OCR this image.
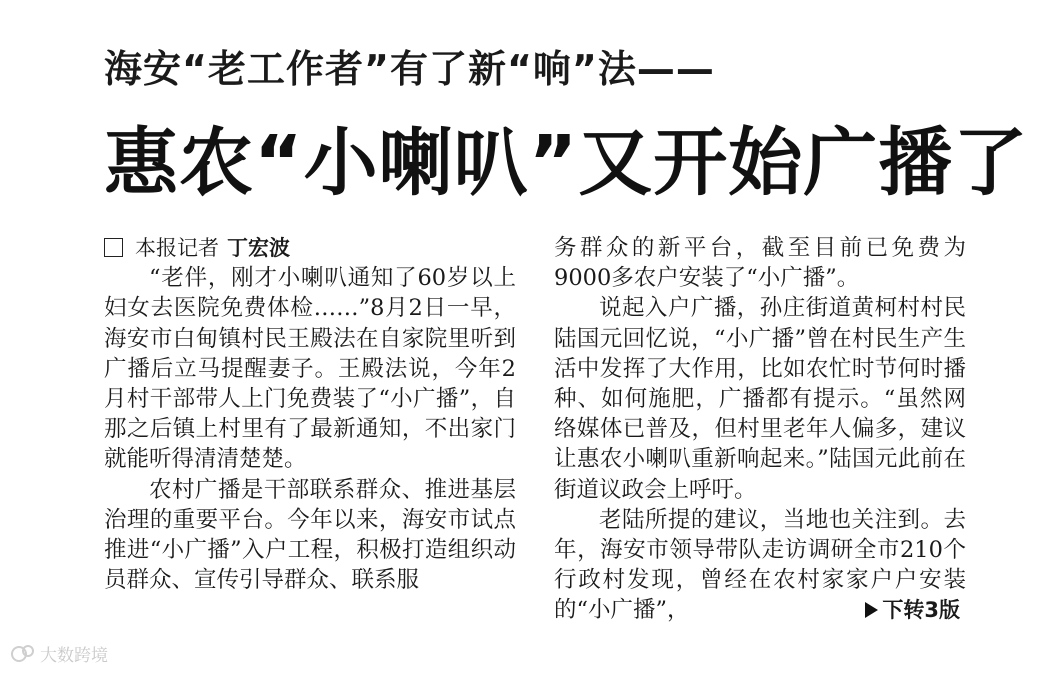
海安“老工作者”有了新“响”法——
惠农“小喇叭”又开始广播了
本报记者 丁宏波

“老伴，刚才小喇叭通知了60岁以上妇女去医院免费体检……”8月2日一早，海安市白甸镇村民王殿法在自家院里听到广播后立马提醒妻子。王殿法说，今年2月村干部带人上门免费装了“小广播”，自那之后镇上村里有了最新通知，不出家门就能听得清清楚楚。

农村广播是干部联系群众、推进基层治理的重要平台。今年以来，海安市试点推进“小广播”入户工程，积极打造组织动员群众、宣传引导群众、联系服

务群众的新平台，截至目前已免费为9000多农户安装了“小广播”。

说起入户广播，孙庄街道黄柯村村民陆国元回忆说，“小广播”曾在村民生产生活中发挥了大作用，比如农忙时节何时播种、如何施肥，广播都有提示。“虽然网络媒体已普及，但村里老年人偏多，建议让惠农小喇叭重新响起来。”陆国元此前在街道议政会上呼吁。

老陆所提的建议，当地也关注到。去年，海安市领导带队走访调研全市210个行政村发现，曾经在农村家家户户安装的“小广播”，	下转3版
大数跨境
